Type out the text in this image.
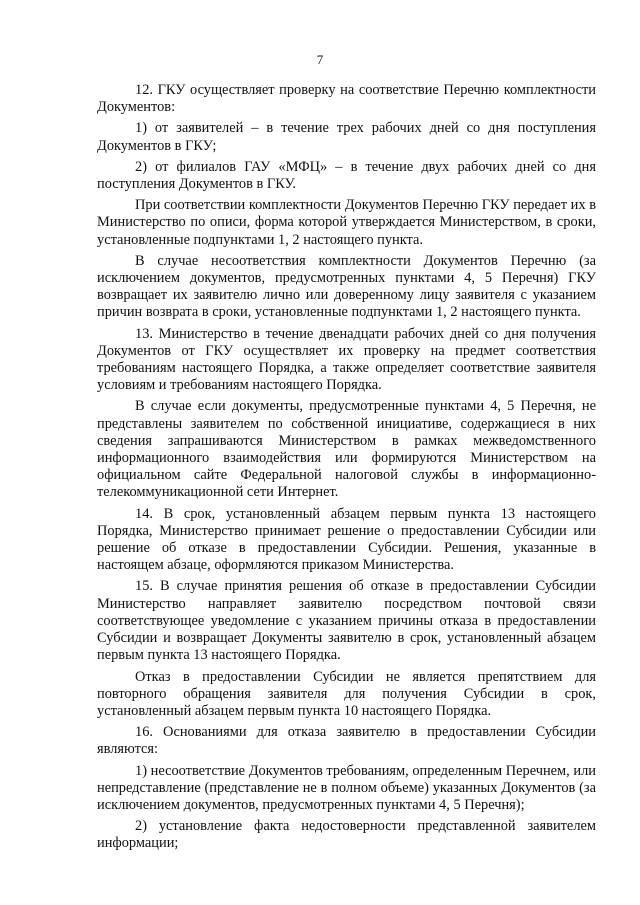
7

12. ГКУ осуществляет проверку на соответствие Перечню комплектности Документов:

1) от заявителей – в течение трех рабочих дней со дня поступления Документов в ГКУ;

2) от филиалов ГАУ «МФЦ» – в течение двух рабочих дней со дня поступления Документов в ГКУ.

При соответствии комплектности Документов Перечню ГКУ передает их в Министерство по описи, форма которой утверждается Министерством, в сроки, установленные подпунктами 1, 2 настоящего пункта.

В случае несоответствия комплектности Документов Перечню (за исключением документов, предусмотренных пунктами 4, 5 Перечня) ГКУ возвращает их заявителю лично или доверенному лицу заявителя с указанием причин возврата в сроки, установленные подпунктами 1, 2 настоящего пункта.

13. Министерство в течение двенадцати рабочих дней со дня получения Документов от ГКУ осуществляет их проверку на предмет соответствия требованиям настоящего Порядка, а также определяет соответствие заявителя условиям и требованиям настоящего Порядка.

В случае если документы, предусмотренные пунктами 4, 5 Перечня, не представлены заявителем по собственной инициативе, содержащиеся в них сведения запрашиваются Министерством в рамках межведомственного информационного взаимодействия или формируются Министерством на официальном сайте Федеральной налоговой службы в информационно-телекоммуникационной сети Интернет.

14. В срок, установленный абзацем первым пункта 13 настоящего Порядка, Министерство принимает решение о предоставлении Субсидии или решение об отказе в предоставлении Субсидии. Решения, указанные в настоящем абзаце, оформляются приказом Министерства.

15. В случае принятия решения об отказе в предоставлении Субсидии Министерство направляет заявителю посредством почтовой связи соответствующее уведомление с указанием причины отказа в предоставлении Субсидии и возвращает Документы заявителю в срок, установленный абзацем первым пункта 13 настоящего Порядка.

Отказ в предоставлении Субсидии не является препятствием для повторного обращения заявителя для получения Субсидии в срок, установленный абзацем первым пункта 10 настоящего Порядка.

16. Основаниями для отказа заявителю в предоставлении Субсидии являются:

1) несоответствие Документов требованиям, определенным Перечнем, или непредставление (представление не в полном объеме) указанных Документов (за исключением документов, предусмотренных пунктами 4, 5 Перечня);

2) установление факта недостоверности представленной заявителем информации;
